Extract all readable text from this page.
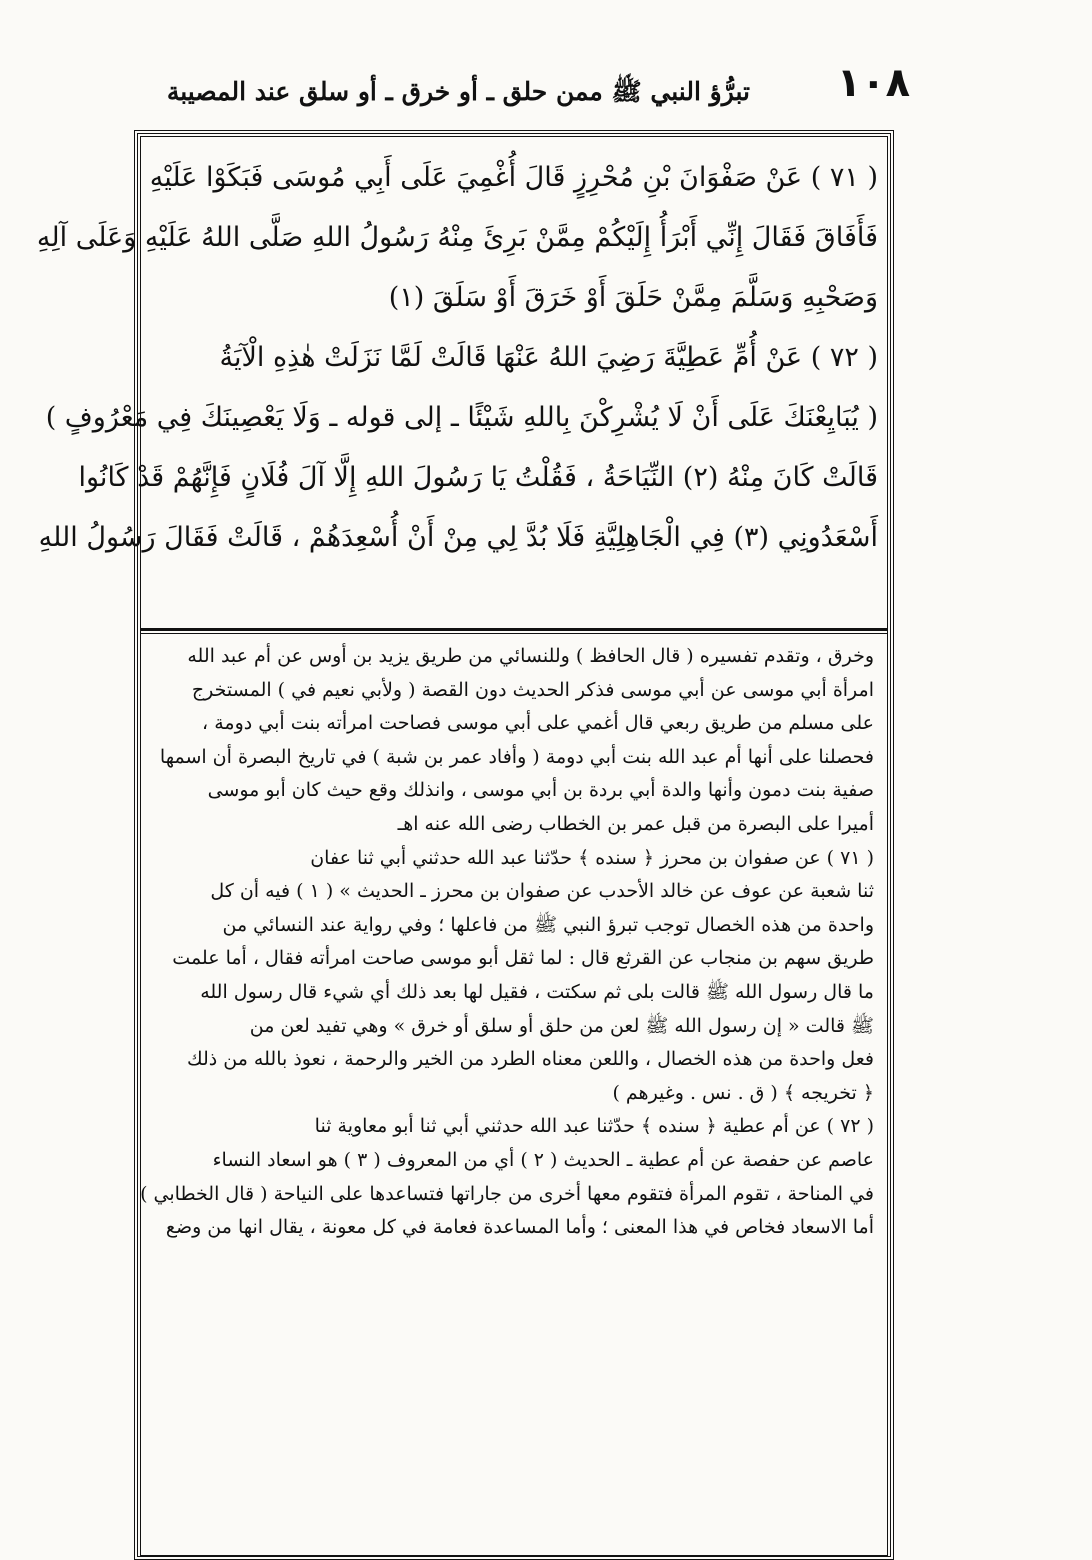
١٠٨
تبرُّؤ النبي ﷺ ممن حلق ـ أو خرق ـ أو سلق عند المصيبة
( ٧١ ) عَنْ صَفْوَانَ بْنِ مُحْرِزٍ قَالَ أُغْمِيَ عَلَى أَبِي مُوسَى فَبَكَوْا عَلَيْهِ
فَأَفَاقَ فَقَالَ إِنِّي أَبْرَأُ إِلَيْكُمْ مِمَّنْ بَرِئَ مِنْهُ رَسُولُ اللهِ صَلَّى اللهُ عَلَيْهِ وَعَلَى آلِهِ
وَصَحْبِهِ وَسَلَّمَ مِمَّنْ حَلَقَ أَوْ خَرَقَ أَوْ سَلَقَ (١)
( ٧٢ ) عَنْ أُمِّ عَطِيَّةَ رَضِيَ اللهُ عَنْهَا قَالَتْ لَمَّا نَزَلَتْ هٰذِهِ الْآيَةُ
( يُبَايِعْنَكَ عَلَى أَنْ لَا يُشْرِكْنَ بِاللهِ شَيْئًا ـ إلى قوله ـ وَلَا يَعْصِينَكَ فِي مَعْرُوفٍ )
قَالَتْ كَانَ مِنْهُ (٢) النِّيَاحَةُ ، فَقُلْتُ يَا رَسُولَ اللهِ إِلَّا آلَ فُلَانٍ فَإِنَّهُمْ قَدْ كَانُوا
أَسْعَدُونِي (٣) فِي الْجَاهِلِيَّةِ فَلَا بُدَّ لِي مِنْ أَنْ أُسْعِدَهُمْ ، قَالَتْ فَقَالَ رَسُولُ اللهِ
وخرق ، وتقدم تفسيره ( قال الحافظ ) وللنسائي من طريق يزيد بن أوس عن أم عبد الله
امرأة أبي موسى عن أبي موسى فذكر الحديث دون القصة ( ولأبي نعيم في ) المستخرج
على مسلم من طريق ربعي قال أغمي على أبي موسى فصاحت امرأته بنت أبي دومة ،
فحصلنا على أنها أم عبد الله بنت أبي دومة ( وأفاد عمر بن شبة ) في تاريخ البصرة أن اسمها
صفية بنت دمون وأنها والدة أبي بردة بن أبي موسى ، وانذلك وقع حيث كان أبو موسى
أميرا على البصرة من قبل عمر بن الخطاب رضى الله عنه اهـ
( ٧١ ) عن صفوان بن محرز ﴿ سنده ﴾ حدّثنا عبد الله حدثني أبي ثنا عفان
ثنا شعبة عن عوف عن خالد الأحدب عن صفوان بن محرز ـ الحديث » ( ١ ) فيه أن كل
واحدة من هذه الخصال توجب تبرؤ النبي ﷺ من فاعلها ؛ وفي رواية عند النسائي من
طريق سهم بن منجاب عن القرثع قال : لما ثقل أبو موسى صاحت امرأته فقال ، أما علمت
ما قال رسول الله ﷺ قالت بلى ثم سكتت ، فقيل لها بعد ذلك أي شيء قال رسول الله
ﷺ قالت « إن رسول الله ﷺ لعن من حلق أو سلق أو خرق » وهي تفيد لعن من
فعل واحدة من هذه الخصال ، واللعن معناه الطرد من الخير والرحمة ، نعوذ بالله من ذلك
﴿ تخريجه ﴾ ( ق . نس . وغيرهم )
( ٧٢ ) عن أم عطية ﴿ سنده ﴾ حدّثنا عبد الله حدثني أبي ثنا أبو معاوية ثنا
عاصم عن حفصة عن أم عطية ـ الحديث ( ٢ ) أي من المعروف ( ٣ ) هو اسعاد النساء
في المناحة ، تقوم المرأة فتقوم معها أخرى من جاراتها فتساعدها على النياحة ( قال الخطابي )
أما الاسعاد فخاص في هذا المعنى ؛ وأما المساعدة فعامة في كل معونة ، يقال انها من وضع
